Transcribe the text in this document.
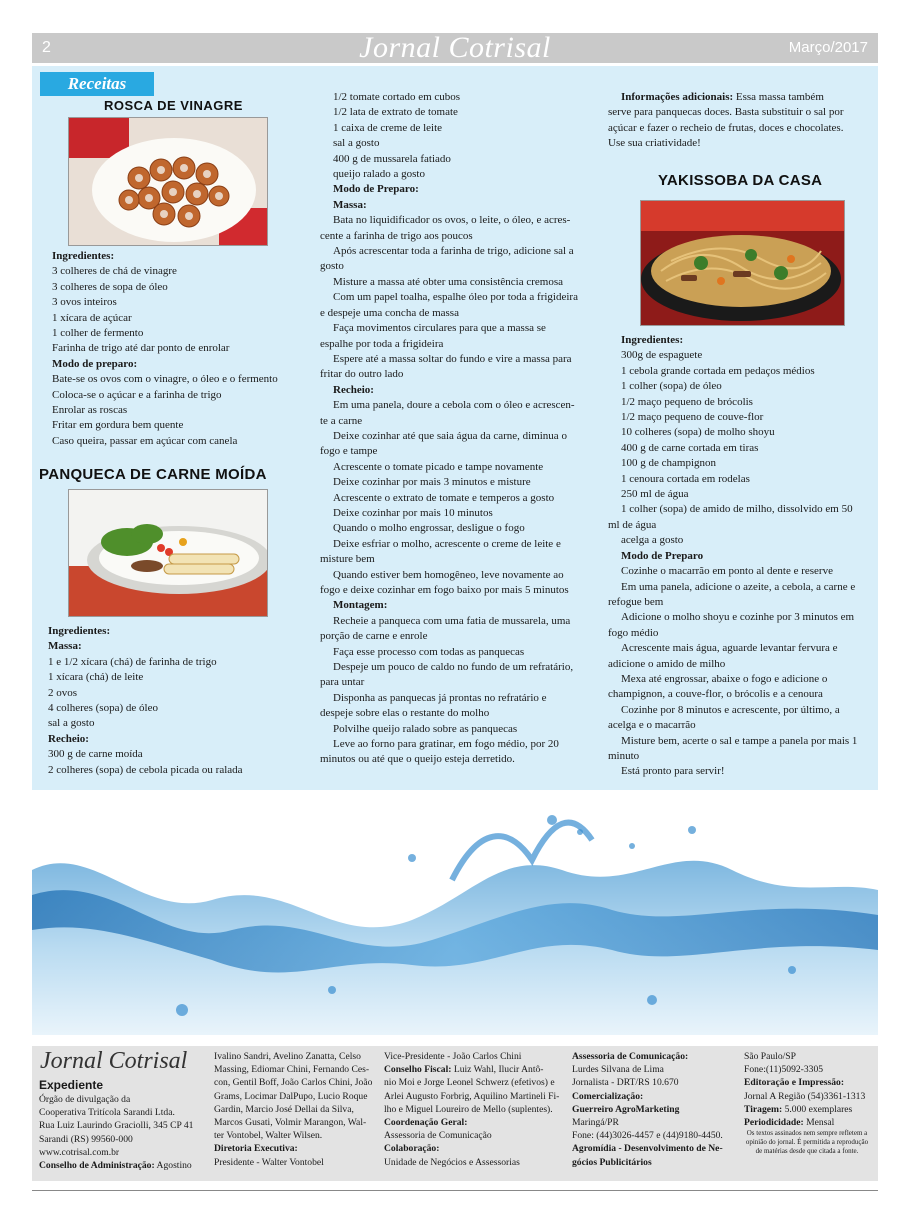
2	Jornal Cotrisal	Março/2017
Receitas
ROSCA DE VINAGRE
Ingredientes:
3 colheres de chá de vinagre
3 colheres de sopa de óleo
3 ovos inteiros
1 xícara de açúcar
1 colher de fermento
Farinha de trigo até dar ponto de enrolar
Modo de preparo:
Bate-se os ovos com o vinagre, o óleo e o fermento
Coloca-se o açúcar e a farinha de trigo
Enrolar as roscas
Fritar em gordura bem quente
Caso queira, passar em açúcar com canela
PANQUECA DE CARNE MOÍDA
Ingredientes:
Massa:
1 e 1/2 xícara (chá) de farinha de trigo
1 xícara (chá) de leite
2 ovos
4 colheres (sopa) de óleo
sal a gosto
Recheio:
300 g de carne moída
2 colheres (sopa) de cebola picada ou ralada
1/2 tomate cortado em cubos
1/2 lata de extrato de tomate
1 caixa de creme de leite
sal a gosto
400 g de mussarela fatiado
queijo ralado a gosto
Modo de Preparo:
Massa:
Bata no liquidificador os ovos, o leite, o óleo, e acres-
cente a farinha de trigo aos poucos
Após acrescentar toda a farinha de trigo, adicione sal a
gosto
Misture a massa até obter uma consistência cremosa
Com um papel toalha, espalhe óleo por toda a frigideira
e despeje uma concha de massa
Faça movimentos circulares para que a massa se
espalhe por toda a frigideira
Espere até a massa soltar do fundo e vire a massa para
fritar do outro lado
Recheio:
Em uma panela, doure a cebola com o óleo e acrescen-
te a carne
Deixe cozinhar até que saia água da carne, diminua o
fogo e tampe
Acrescente o tomate picado e tampe novamente
Deixe cozinhar por mais 3 minutos e misture
Acrescente o extrato de tomate e temperos a gosto
Deixe cozinhar por mais 10 minutos
Quando o molho engrossar, desligue o fogo
Deixe esfriar o molho, acrescente o creme de leite e
misture bem
Quando estiver bem homogêneo, leve novamente ao
fogo e deixe cozinhar em fogo baixo por mais 5 minutos
Montagem:
Recheie a panqueca com uma fatia de mussarela, uma
porção de carne e enrole
Faça esse processo com todas as panquecas
Despeje um pouco de caldo no fundo de um refratário,
para untar
Disponha as panquecas já prontas no refratário e
despeje sobre elas o restante do molho
Polvilhe queijo ralado sobre as panquecas
Leve ao forno para gratinar, em fogo médio, por 20
minutos ou até que o queijo esteja derretido.
Informações adicionais: Essa massa também
serve para panquecas doces. Basta substituir o sal por
açúcar e fazer o recheio de frutas, doces e chocolates.
Use sua criatividade!
YAKISSOBA DA CASA
Ingredientes:
300g de espaguete
1 cebola grande cortada em pedaços médios
1 colher (sopa) de óleo
1/2 maço pequeno de brócolis
1/2 maço pequeno de couve-flor
10 colheres (sopa) de molho shoyu
400 g de carne cortada em tiras
100 g de champignon
1 cenoura cortada em rodelas
250 ml de água
1 colher (sopa) de amido de milho, dissolvido em 50
ml de água
acelga a gosto
Modo de Preparo
Cozinhe o macarrão em ponto al dente e reserve
Em uma panela, adicione o azeite, a cebola, a carne e
refogue bem
Adicione o molho shoyu e cozinhe por 3 minutos em
fogo médio
Acrescente mais água, aguarde levantar fervura e
adicione o amido de milho
Mexa até engrossar, abaixe o fogo e adicione o
champignon, a couve-flor, o brócolis e a cenoura
Cozinhe por 8 minutos e acrescente, por último, a
acelga e o macarrão
Misture bem, acerte o sal e tampe a panela por mais 1
minuto
Está pronto para servir!
Jornal Cotrisal
Expediente
Órgão de divulgação da
Cooperativa Tritícola Sarandi Ltda.
Rua Luiz Laurindo Graciolli, 345 CP 41
Sarandi (RS) 99560-000
www.cotrisal.com.br
Conselho de Administração: Agostino
Ivalino Sandri, Avelino Zanatta, Celso
Massing, Ediomar Chini, Fernando Ces-
con, Gentil Boff, João Carlos Chini, João
Grams, Locimar DalPupo, Lucio Roque
Gardin, Marcio José Dellai da Silva,
Marcos Gusati, Volmir Marangon, Wal-
ter Vontobel, Walter Wilsen.
Diretoria Executiva:
Presidente - Walter Vontobel
Vice-Presidente - João Carlos Chini
Conselho Fiscal: Luiz Wahl, Ilucir Antô-
nio Moi e Jorge Leonel Schwerz (efetivos) e
Arlei Augusto Forbrig, Aquilino Martineli Fi-
lho e Miguel Loureiro de Mello (suplentes).
Coordenação Geral:
Assessoria de Comunicação
Colaboração:
Unidade de Negócios e Assessorias
Assessoria de Comunicação:
Lurdes Silvana de Lima
Jornalista - DRT/RS 10.670
Comercialização:
Guerreiro AgroMarketing
Maringá/PR
Fone: (44)3026-4457 e (44)9180-4450.
Agromídia - Desenvolvimento de Ne-
gócios Publicitários
São Paulo/SP
Fone:(11)5092-3305
Editoração e Impressão:
Jornal A Região (54)3361-1313
Tiragem: 5.000 exemplares
Periodicidade: Mensal
Os textos assinados nem sempre refletem a
opinião do jornal. É permitida a reprodução
de matérias desde que citada a fonte.
